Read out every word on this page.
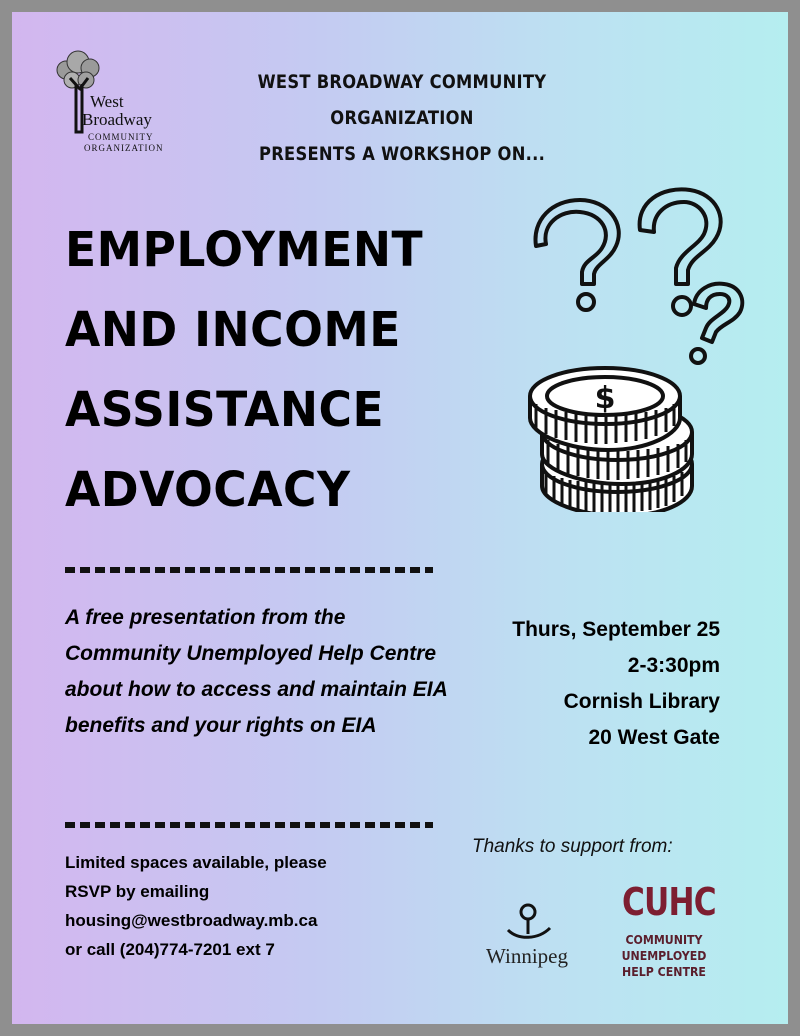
West
Broadway
COMMUNITY
ORGANIZATION
WEST BROADWAY COMMUNITY ORGANIZATION
PRESENTS A WORKSHOP ON...
EMPLOYMENT
AND INCOME
ASSISTANCE
ADVOCACY
$
A free presentation from the Community Unemployed Help Centre about how to access and maintain EIA benefits and your rights on EIA
Thurs, September 25
2-3:30pm
Cornish Library
20 West Gate
Limited spaces available, please
RSVP by emailing
housing@westbroadway.mb.ca
or call (204)774-7201 ext 7
Thanks to support from:
Winnipeg
CUHC
COMMUNITY
UNEMPLOYED
HELP CENTRE
